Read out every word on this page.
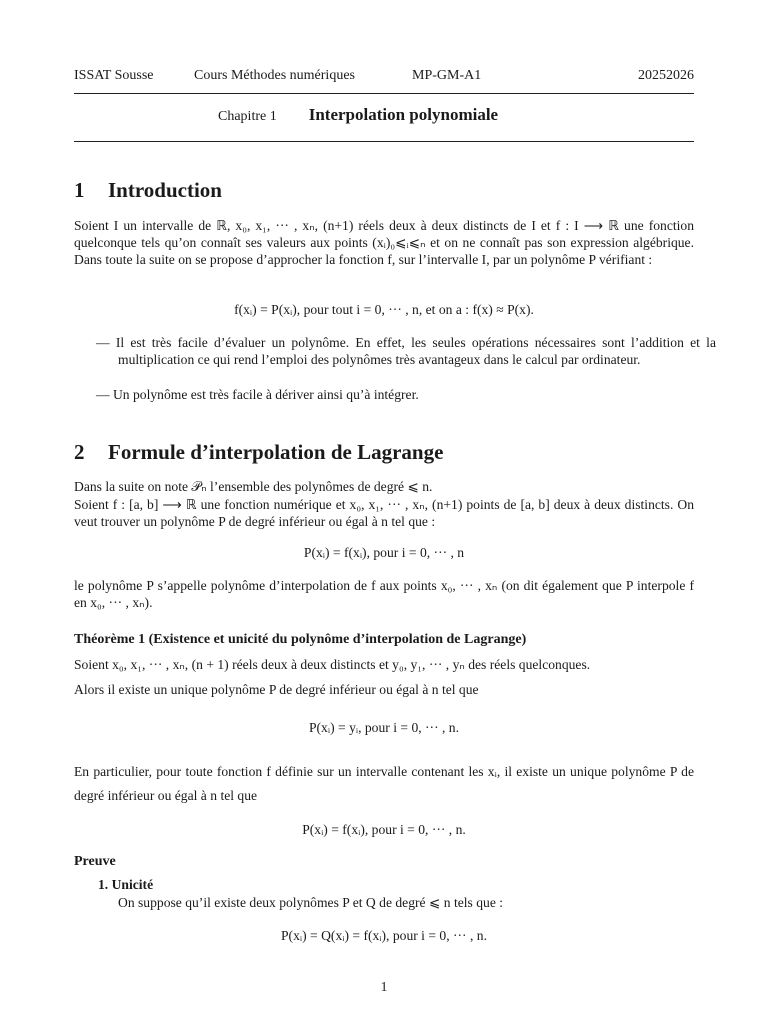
ISSAT Sousse	Cours Méthodes numériques	MP-GM-A1	20252026
Chapitre 1 Interpolation polynomiale
1 Introduction
Soient I un intervalle de ℝ, x₀, x₁, ··· , xₙ, (n+1) réels deux à deux distincts de I et f : I ⟶ ℝ une fonction quelconque tels qu’on connaît ses valeurs aux points (xᵢ)₀⩽ᵢ⩽ₙ et on ne connaît pas son expression algébrique. Dans toute la suite on se propose d’approcher la fonction f, sur l’intervalle I, par un polynôme P vérifiant :
f(xᵢ) = P(xᵢ), pour tout i = 0, ··· , n, et on a : f(x) ≈ P(x).
— Il est très facile d’évaluer un polynôme. En effet, les seules opérations nécessaires sont l’addition et la multiplication ce qui rend l’emploi des polynômes très avantageux dans le calcul par ordinateur.
— Un polynôme est très facile à dériver ainsi qu’à intégrer.
2 Formule d’interpolation de Lagrange
Dans la suite on note 𝒫ₙ l’ensemble des polynômes de degré ⩽ n.
Soient f : [a, b] ⟶ ℝ une fonction numérique et x₀, x₁, ··· , xₙ, (n+1) points de [a, b] deux à deux distincts. On veut trouver un polynôme P de degré inférieur ou égal à n tel que :
P(xᵢ) = f(xᵢ), pour i = 0, ··· , n
le polynôme P s’appelle polynôme d’interpolation de f aux points x₀, ··· , xₙ (on dit également que P interpole f en x₀, ··· , xₙ).
Théorème 1 (Existence et unicité du polynôme d’interpolation de Lagrange)
Soient x₀, x₁, ··· , xₙ, (n + 1) réels deux à deux distincts et y₀, y₁, ··· , yₙ des réels quelconques.
Alors il existe un unique polynôme P de degré inférieur ou égal à n tel que
P(xᵢ) = yᵢ, pour i = 0, ··· , n.
En particulier, pour toute fonction f définie sur un intervalle contenant les xᵢ, il existe un unique polynôme P de degré inférieur ou égal à n tel que
P(xᵢ) = f(xᵢ), pour i = 0, ··· , n.
Preuve
1. Unicité
On suppose qu’il existe deux polynômes P et Q de degré ⩽ n tels que :
P(xᵢ) = Q(xᵢ) = f(xᵢ), pour i = 0, ··· , n.
1
